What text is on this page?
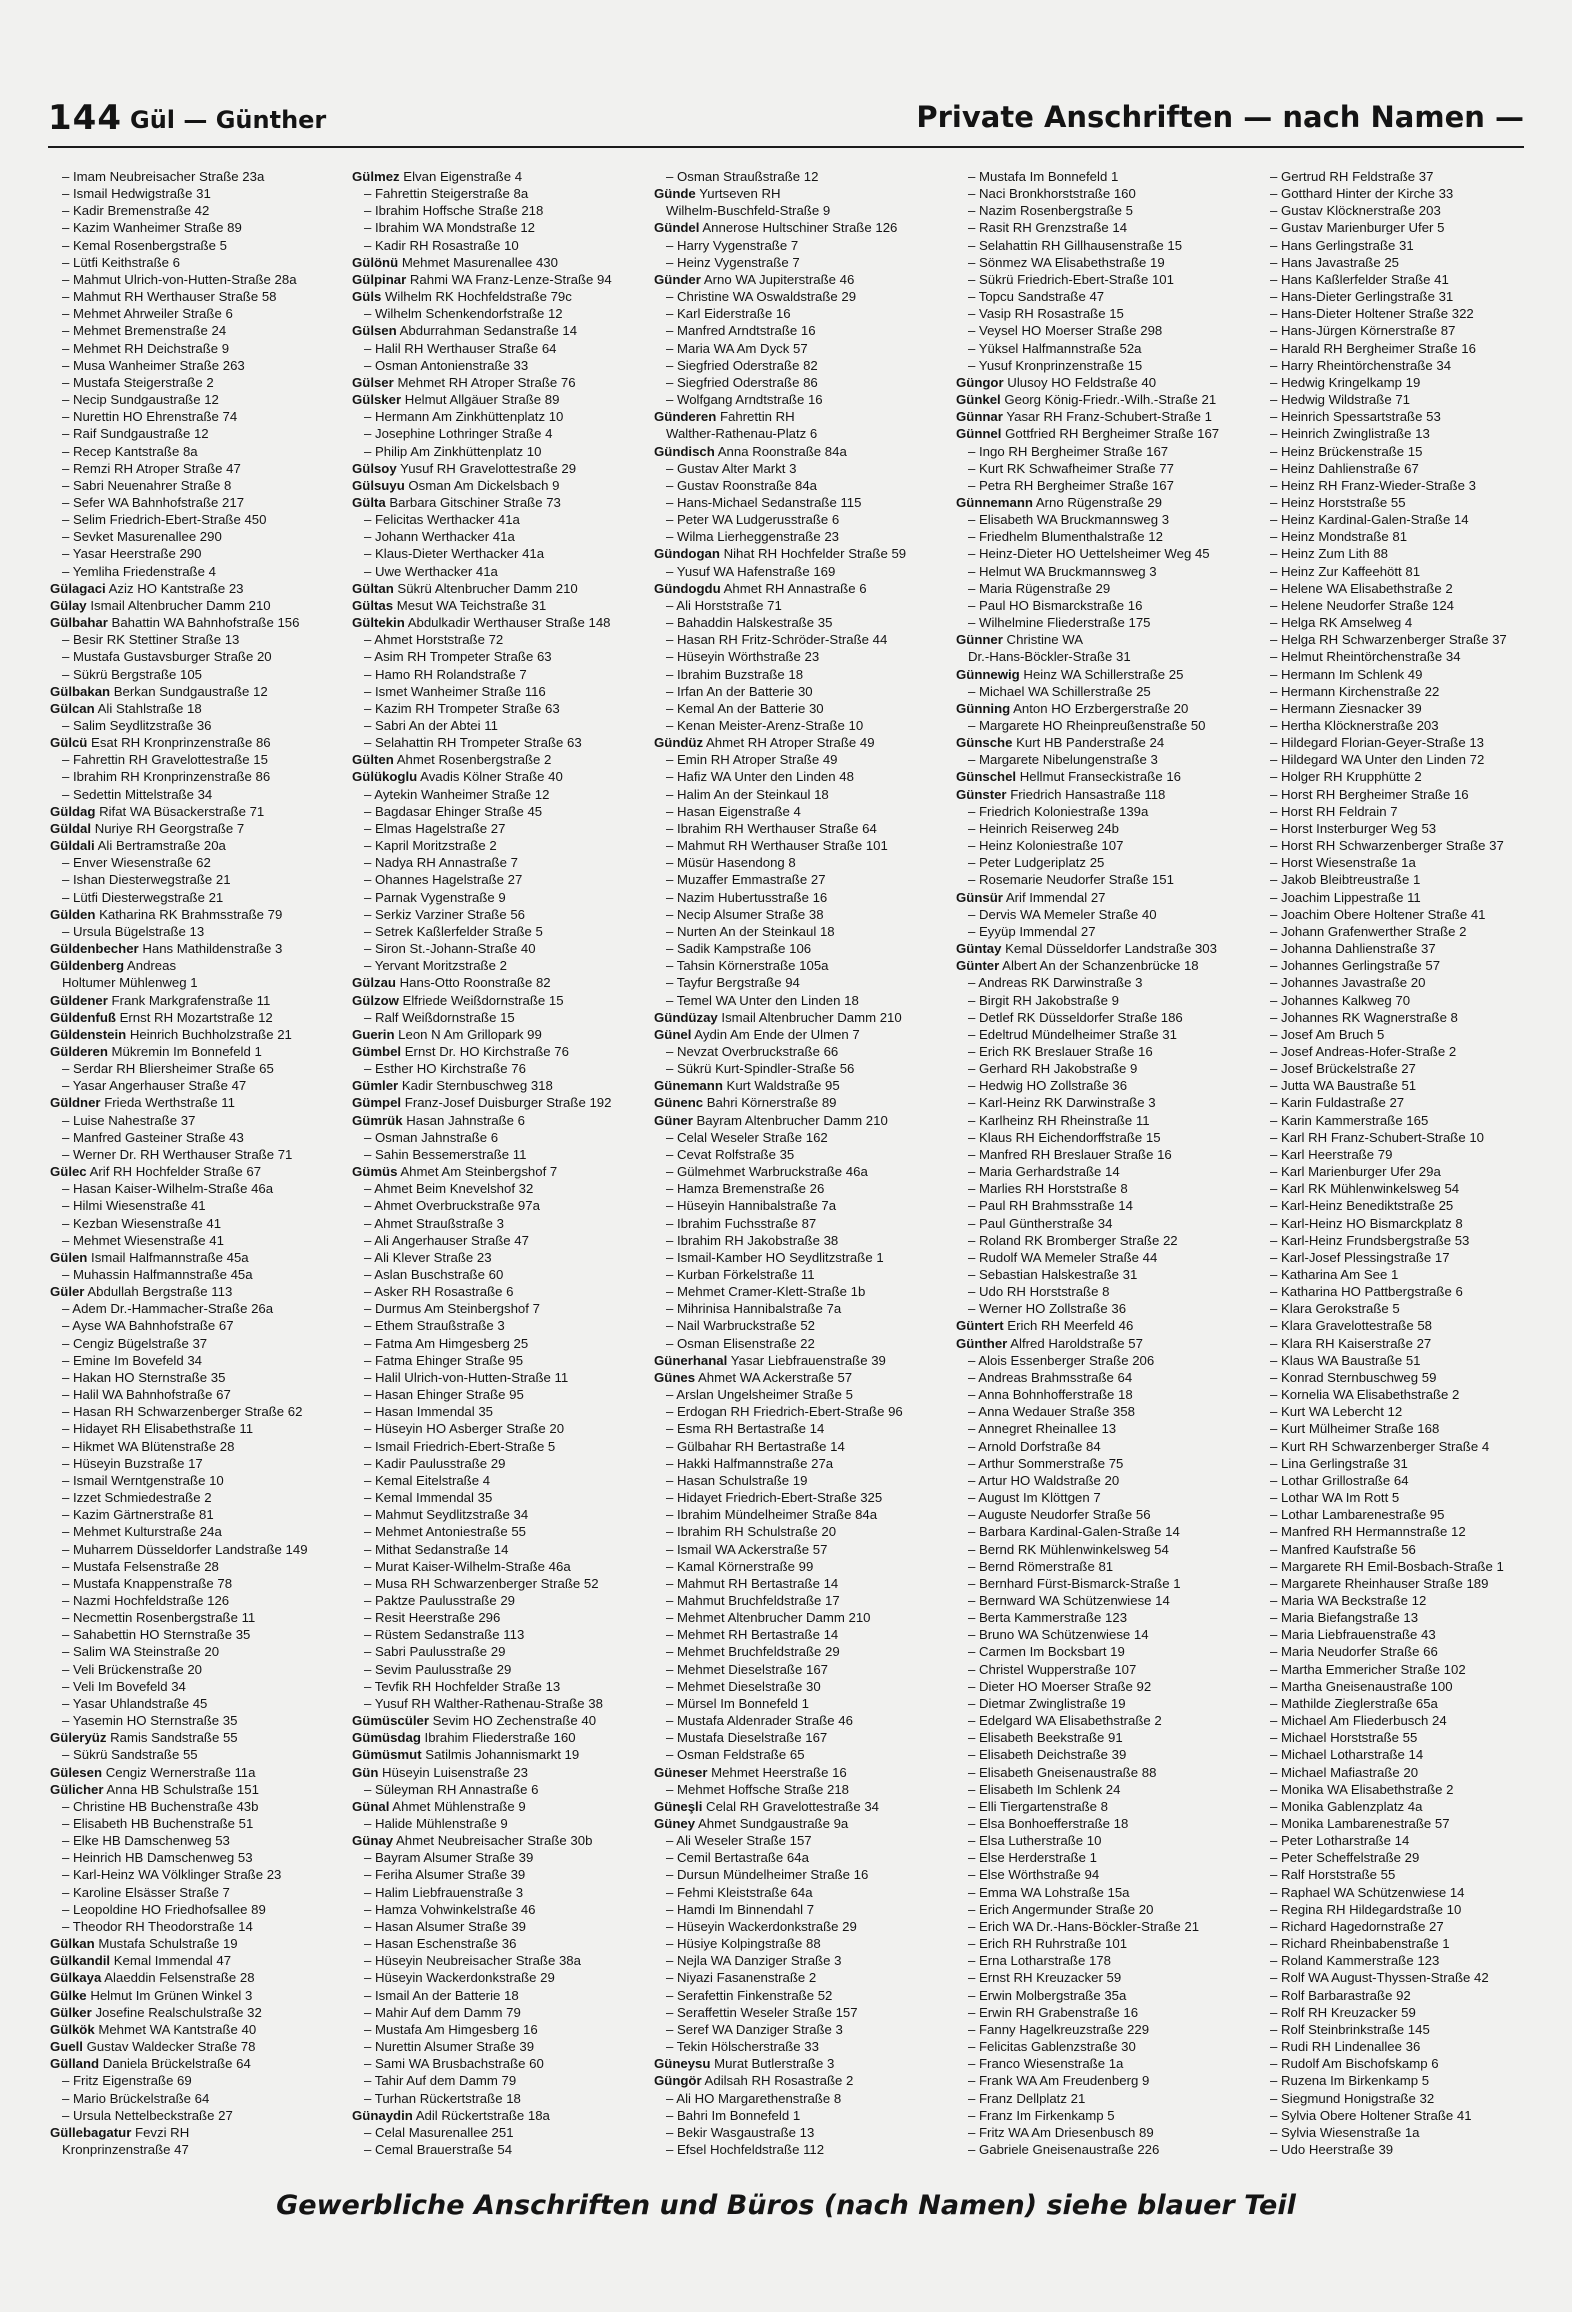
144 Gül — Günther	Private Anschriften — nach Namen —
– Imam Neubreisacher Straße 23a
– Ismail Hedwigstraße 31
– Kadir Bremenstraße 42
– Kazim Wanheimer Straße 89
– Kemal Rosenbergstraße 5
– Lütfi Keithstraße 6
– Mahmut Ulrich-von-Hutten-Straße 28a
– Mahmut RH Werthauser Straße 58
– Mehmet Ahrweiler Straße 6
– Mehmet Bremenstraße 24
– Mehmet RH Deichstraße 9
– Musa Wanheimer Straße 263
– Mustafa Steigerstraße 2
– Necip Sundgaustraße 12
– Nurettin HO Ehrenstraße 74
– Raif Sundgaustraße 12
– Recep Kantstraße 8a
– Remzi RH Atroper Straße 47
– Sabri Neuenahrer Straße 8
– Sefer WA Bahnhofstraße 217
– Selim Friedrich-Ebert-Straße 450
– Sevket Masurenallee 290
– Yasar Heerstraße 290
– Yemliha Friedenstraße 4
Gülagaci Aziz HO Kantstraße 23
Gülay Ismail Altenbrucher Damm 210
Gülbahar Bahattin WA Bahnhofstraße 156
– Besir RK Stettiner Straße 13
– Mustafa Gustavsburger Straße 20
– Sükrü Bergstraße 105
Gülbakan Berkan Sundgaustraße 12
Gülcan Ali Stahlstraße 18
– Salim Seydlitzstraße 36
Gülcü Esat RH Kronprinzenstraße 86
– Fahrettin RH Gravelottestraße 15
– Ibrahim RH Kronprinzenstraße 86
– Sedettin Mittelstraße 34
Güldag Rifat WA Büsackerstraße 71
Güldal Nuriye RH Georgstraße 7
Güldali Ali Bertramstraße 20a
– Enver Wiesenstraße 62
– Ishan Diesterwegstraße 21
– Lütfi Diesterwegstraße 21
Gülden Katharina RK Brahmsstraße 79
– Ursula Bügelstraße 13
Güldenbecher Hans Mathildenstraße 3
Güldenberg Andreas
Holtumer Mühlenweg 1
Güldener Frank Markgrafenstraße 11
Güldenfuß Ernst RH Mozartstraße 12
Güldenstein Heinrich Buchholzstraße 21
Gülderen Mükremin Im Bonnefeld 1
– Serdar RH Bliersheimer Straße 65
– Yasar Angerhauser Straße 47
Güldner Frieda Werthstraße 11
– Luise Nahestraße 37
– Manfred Gasteiner Straße 43
– Werner Dr. RH Werthauser Straße 71
Gülec Arif RH Hochfelder Straße 67
– Hasan Kaiser-Wilhelm-Straße 46a
– Hilmi Wiesenstraße 41
– Kezban Wiesenstraße 41
– Mehmet Wiesenstraße 41
Gülen Ismail Halfmannstraße 45a
– Muhassin Halfmannstraße 45a
Güler Abdullah Bergstraße 113
– Adem Dr.-Hammacher-Straße 26a
– Ayse WA Bahnhofstraße 67
– Cengiz Bügelstraße 37
– Emine Im Bovefeld 34
– Hakan HO Sternstraße 35
– Halil WA Bahnhofstraße 67
– Hasan RH Schwarzenberger Straße 62
– Hidayet RH Elisabethstraße 11
– Hikmet WA Blütenstraße 28
– Hüseyin Buzstraße 17
– Ismail Werntgenstraße 10
– Izzet Schmiedestraße 2
– Kazim Gärtnerstraße 81
– Mehmet Kulturstraße 24a
– Muharrem Düsseldorfer Landstraße 149
– Mustafa Felsenstraße 28
– Mustafa Knappenstraße 78
– Nazmi Hochfeldstraße 126
– Necmettin Rosenbergstraße 11
– Sahabettin HO Sternstraße 35
– Salim WA Steinstraße 20
– Veli Brückenstraße 20
– Veli Im Bovefeld 34
– Yasar Uhlandstraße 45
– Yasemin HO Sternstraße 35
Güleryüz Ramis Sandstraße 55
– Sükrü Sandstraße 55
Gülesen Cengiz Wernerstraße 11a
Gülicher Anna HB Schulstraße 151
– Christine HB Buchenstraße 43b
– Elisabeth HB Buchenstraße 51
– Elke HB Damschenweg 53
– Heinrich HB Damschenweg 53
– Karl-Heinz WA Völklinger Straße 23
– Karoline Elsässer Straße 7
– Leopoldine HO Friedhofsallee 89
– Theodor RH Theodorstraße 14
Gülkan Mustafa Schulstraße 19
Gülkandil Kemal Immendal 47
Gülkaya Alaeddin Felsenstraße 28
Gülke Helmut Im Grünen Winkel 3
Gülker Josefine Realschulstraße 32
Gülkök Mehmet WA Kantstraße 40
Guell Gustav Waldecker Straße 78
Gülland Daniela Brückelstraße 64
– Fritz Eigenstraße 69
– Mario Brückelstraße 64
– Ursula Nettelbeckstraße 27
Güllebagatur Fevzi RH
Kronprinzenstraße 47
Gülmez Elvan Eigenstraße 4
– Fahrettin Steigerstraße 8a
– Ibrahim Hoffsche Straße 218
– Ibrahim WA Mondstraße 12
– Kadir RH Rosastraße 10
Gülönü Mehmet Masurenallee 430
Gülpinar Rahmi WA Franz-Lenze-Straße 94
Güls Wilhelm RK Hochfeldstraße 79c
– Wilhelm Schenkendorfstraße 12
Gülsen Abdurrahman Sedanstraße 14
– Halil RH Werthauser Straße 64
– Osman Antonienstraße 33
Gülser Mehmet RH Atroper Straße 76
Gülsker Helmut Allgäuer Straße 89
– Hermann Am Zinkhüttenplatz 10
– Josephine Lothringer Straße 4
– Philip Am Zinkhüttenplatz 10
Gülsoy Yusuf RH Gravelottestraße 29
Gülsuyu Osman Am Dickelsbach 9
Gülta Barbara Gitschiner Straße 73
– Felicitas Werthacker 41a
– Johann Werthacker 41a
– Klaus-Dieter Werthacker 41a
– Uwe Werthacker 41a
Gültan Sükrü Altenbrucher Damm 210
Gültas Mesut WA Teichstraße 31
Gültekin Abdulkadir Werthauser Straße 148
– Ahmet Horststraße 72
– Asim RH Trompeter Straße 63
– Hamo RH Rolandstraße 7
– Ismet Wanheimer Straße 116
– Kazim RH Trompeter Straße 63
– Sabri An der Abtei 11
– Selahattin RH Trompeter Straße 63
Gülten Ahmet Rosenbergstraße 2
Gülükoglu Avadis Kölner Straße 40
– Aytekin Wanheimer Straße 12
– Bagdasar Ehinger Straße 45
– Elmas Hagelstraße 27
– Kapril Moritzstraße 2
– Nadya RH Annastraße 7
– Ohannes Hagelstraße 27
– Parnak Vygenstraße 9
– Serkiz Varziner Straße 56
– Setrek Kaßlerfelder Straße 5
– Siron St.-Johann-Straße 40
– Yervant Moritzstraße 2
Gülzau Hans-Otto Roonstraße 82
Gülzow Elfriede Weißdornstraße 15
– Ralf Weißdornstraße 15
Guerin Leon N Am Grillopark 99
Gümbel Ernst Dr. HO Kirchstraße 76
– Esther HO Kirchstraße 76
Gümler Kadir Sternbuschweg 318
Gümpel Franz-Josef Duisburger Straße 192
Gümrük Hasan Jahnstraße 6
– Osman Jahnstraße 6
– Sahin Bessemerstraße 11
Gümüs Ahmet Am Steinbergshof 7
– Ahmet Beim Knevelshof 32
– Ahmet Overbruckstraße 97a
– Ahmet Straußstraße 3
– Ali Angerhauser Straße 47
– Ali Klever Straße 23
– Aslan Buschstraße 60
– Asker RH Rosastraße 6
– Durmus Am Steinbergshof 7
– Ethem Straußstraße 3
– Fatma Am Himgesberg 25
– Fatma Ehinger Straße 95
– Halil Ulrich-von-Hutten-Straße 11
– Hasan Ehinger Straße 95
– Hasan Immendal 35
– Hüseyin HO Asberger Straße 20
– Ismail Friedrich-Ebert-Straße 5
– Kadir Paulusstraße 29
– Kemal Eitelstraße 4
– Kemal Immendal 35
– Mahmut Seydlitzstraße 34
– Mehmet Antoniestraße 55
– Mithat Sedanstraße 14
– Murat Kaiser-Wilhelm-Straße 46a
– Musa RH Schwarzenberger Straße 52
– Paktze Paulusstraße 29
– Resit Heerstraße 296
– Rüstem Sedanstraße 113
– Sabri Paulusstraße 29
– Sevim Paulusstraße 29
– Tevfik RH Hochfelder Straße 13
– Yusuf RH Walther-Rathenau-Straße 38
Gümüscüler Sevim HO Zechenstraße 40
Gümüsdag Ibrahim Fliederstraße 160
Gümüsmut Satilmis Johannismarkt 19
Gün Hüseyin Luisenstraße 23
– Süleyman RH Annastraße 6
Günal Ahmet Mühlenstraße 9
– Halide Mühlenstraße 9
Günay Ahmet Neubreisacher Straße 30b
– Bayram Alsumer Straße 39
– Feriha Alsumer Straße 39
– Halim Liebfrauenstraße 3
– Hamza Vohwinkelstraße 46
– Hasan Alsumer Straße 39
– Hasan Eschenstraße 36
– Hüseyin Neubreisacher Straße 38a
– Hüseyin Wackerdonkstraße 29
– Ismail An der Batterie 18
– Mahir Auf dem Damm 79
– Mustafa Am Himgesberg 16
– Nurettin Alsumer Straße 39
– Sami WA Brusbachstraße 60
– Tahir Auf dem Damm 79
– Turhan Rückertstraße 18
Günaydin Adil Rückertstraße 18a
– Celal Masurenallee 251
– Cemal Brauerstraße 54
– Osman Straußstraße 12
Günde Yurtseven RH
Wilhelm-Buschfeld-Straße 9
Gündel Annerose Hultschiner Straße 126
– Harry Vygenstraße 7
– Heinz Vygenstraße 7
Günder Arno WA Jupiterstraße 46
– Christine WA Oswaldstraße 29
– Karl Eiderstraße 16
– Manfred Arndtstraße 16
– Maria WA Am Dyck 57
– Siegfried Oderstraße 82
– Siegfried Oderstraße 86
– Wolfgang Arndtstraße 16
Günderen Fahrettin RH
Walther-Rathenau-Platz 6
Gündisch Anna Roonstraße 84a
– Gustav Alter Markt 3
– Gustav Roonstraße 84a
– Hans-Michael Sedanstraße 115
– Peter WA Ludgerusstraße 6
– Wilma Lierheggenstraße 23
Gündogan Nihat RH Hochfelder Straße 59
– Yusuf WA Hafenstraße 169
Gündogdu Ahmet RH Annastraße 6
– Ali Horststraße 71
– Bahaddin Halskestraße 35
– Hasan RH Fritz-Schröder-Straße 44
– Hüseyin Wörthstraße 23
– Ibrahim Buzstraße 18
– Irfan An der Batterie 30
– Kemal An der Batterie 30
– Kenan Meister-Arenz-Straße 10
Gündüz Ahmet RH Atroper Straße 49
– Emin RH Atroper Straße 49
– Hafiz WA Unter den Linden 48
– Halim An der Steinkaul 18
– Hasan Eigenstraße 4
– Ibrahim RH Werthauser Straße 64
– Mahmut RH Werthauser Straße 101
– Müsür Hasendong 8
– Muzaffer Emmastraße 27
– Nazim Hubertusstraße 16
– Necip Alsumer Straße 38
– Nurten An der Steinkaul 18
– Sadik Kampstraße 106
– Tahsin Körnerstraße 105a
– Tayfur Bergstraße 94
– Temel WA Unter den Linden 18
Gündüzay Ismail Altenbrucher Damm 210
Günel Aydin Am Ende der Ulmen 7
– Nevzat Overbruckstraße 66
– Sükrü Kurt-Spindler-Straße 56
Günemann Kurt Waldstraße 95
Günenc Bahri Körnerstraße 89
Güner Bayram Altenbrucher Damm 210
– Celal Weseler Straße 162
– Cevat Rolfstraße 35
– Gülmehmet Warbruckstraße 46a
– Hamza Bremenstraße 26
– Hüseyin Hannibalstraße 7a
– Ibrahim Fuchsstraße 87
– Ibrahim RH Jakobstraße 38
– Ismail-Kamber HO Seydlitzstraße 1
– Kurban Förkelstraße 11
– Mehmet Cramer-Klett-Straße 1b
– Mihrinisa Hannibalstraße 7a
– Nail Warbruckstraße 52
– Osman Elisenstraße 22
Günerhanal Yasar Liebfrauenstraße 39
Günes Ahmet WA Ackerstraße 57
– Arslan Ungelsheimer Straße 5
– Erdogan RH Friedrich-Ebert-Straße 96
– Esma RH Bertastraße 14
– Gülbahar RH Bertastraße 14
– Hakki Halfmannstraße 27a
– Hasan Schulstraße 19
– Hidayet Friedrich-Ebert-Straße 325
– Ibrahim Mündelheimer Straße 84a
– Ibrahim RH Schulstraße 20
– Ismail WA Ackerstraße 57
– Kamal Körnerstraße 99
– Mahmut RH Bertastraße 14
– Mahmut Bruchfeldstraße 17
– Mehmet Altenbrucher Damm 210
– Mehmet RH Bertastraße 14
– Mehmet Bruchfeldstraße 29
– Mehmet Dieselstraße 167
– Mehmet Dieselstraße 30
– Mürsel Im Bonnefeld 1
– Mustafa Aldenrader Straße 46
– Mustafa Dieselstraße 167
– Osman Feldstraße 65
Güneser Mehmet Heerstraße 16
– Mehmet Hoffsche Straße 218
Güneşli Celal RH Gravelottestraße 34
Güney Ahmet Sundgaustraße 9a
– Ali Weseler Straße 157
– Cemil Bertastraße 64a
– Dursun Mündelheimer Straße 16
– Fehmi Kleiststraße 64a
– Hamdi Im Binnendahl 7
– Hüseyin Wackerdonkstraße 29
– Hüsiye Kolpingstraße 88
– Nejla WA Danziger Straße 3
– Niyazi Fasanenstraße 2
– Serafettin Finkenstraße 52
– Seraffettin Weseler Straße 157
– Seref WA Danziger Straße 3
– Tekin Hölscherstraße 33
Güneysu Murat Butlerstraße 3
Güngör Adilsah RH Rosastraße 2
– Ali HO Margarethenstraße 8
– Bahri Im Bonnefeld 1
– Bekir Wasgaustraße 13
– Efsel Hochfeldstraße 112
– Mustafa Im Bonnefeld 1
– Naci Bronkhorststraße 160
– Nazim Rosenbergstraße 5
– Rasit RH Grenzstraße 14
– Selahattin RH Gillhausenstraße 15
– Sönmez WA Elisabethstraße 19
– Sükrü Friedrich-Ebert-Straße 101
– Topcu Sandstraße 47
– Vasip RH Rosastraße 15
– Veysel HO Moerser Straße 298
– Yüksel Halfmannstraße 52a
– Yusuf Kronprinzenstraße 15
Güngor Ulusoy HO Feldstraße 40
Günkel Georg König-Friedr.-Wilh.-Straße 21
Günnar Yasar RH Franz-Schubert-Straße 1
Günnel Gottfried RH Bergheimer Straße 167
– Ingo RH Bergheimer Straße 167
– Kurt RK Schwafheimer Straße 77
– Petra RH Bergheimer Straße 167
Günnemann Arno Rügenstraße 29
– Elisabeth WA Bruckmannsweg 3
– Friedhelm Blumenthalstraße 12
– Heinz-Dieter HO Uettelsheimer Weg 45
– Helmut WA Bruckmannsweg 3
– Maria Rügenstraße 29
– Paul HO Bismarckstraße 16
– Wilhelmine Fliederstraße 175
Günner Christine WA
Dr.-Hans-Böckler-Straße 31
Günnewig Heinz WA Schillerstraße 25
– Michael WA Schillerstraße 25
Günning Anton HO Erzbergerstraße 20
– Margarete HO Rheinpreußenstraße 50
Günsche Kurt HB Panderstraße 24
– Margarete Nibelungenstraße 3
Günschel Hellmut Franseckistraße 16
Günster Friedrich Hansastraße 118
– Friedrich Koloniestraße 139a
– Heinrich Reiserweg 24b
– Heinz Koloniestraße 107
– Peter Ludgeriplatz 25
– Rosemarie Neudorfer Straße 151
Günsür Arif Immendal 27
– Dervis WA Memeler Straße 40
– Eyyüp Immendal 27
Güntay Kemal Düsseldorfer Landstraße 303
Günter Albert An der Schanzenbrücke 18
– Andreas RK Darwinstraße 3
– Birgit RH Jakobstraße 9
– Detlef RK Düsseldorfer Straße 186
– Edeltrud Mündelheimer Straße 31
– Erich RK Breslauer Straße 16
– Gerhard RH Jakobstraße 9
– Hedwig HO Zollstraße 36
– Karl-Heinz RK Darwinstraße 3
– Karlheinz RH Rheinstraße 11
– Klaus RH Eichendorffstraße 15
– Manfred RH Breslauer Straße 16
– Maria Gerhardstraße 14
– Marlies RH Horststraße 8
– Paul RH Brahmsstraße 14
– Paul Güntherstraße 34
– Roland RK Bromberger Straße 22
– Rudolf WA Memeler Straße 44
– Sebastian Halskestraße 31
– Udo RH Horststraße 8
– Werner HO Zollstraße 36
Güntert Erich RH Meerfeld 46
Günther Alfred Haroldstraße 57
– Alois Essenberger Straße 206
– Andreas Brahmsstraße 64
– Anna Bohnhofferstraße 18
– Anna Wedauer Straße 358
– Annegret Rheinallee 13
– Arnold Dorfstraße 84
– Arthur Sommerstraße 75
– Artur HO Waldstraße 20
– August Im Klöttgen 7
– Auguste Neudorfer Straße 56
– Barbara Kardinal-Galen-Straße 14
– Bernd RK Mühlenwinkelsweg 54
– Bernd Römerstraße 81
– Bernhard Fürst-Bismarck-Straße 1
– Bernward WA Schützenwiese 14
– Berta Kammerstraße 123
– Bruno WA Schützenwiese 14
– Carmen Im Bocksbart 19
– Christel Wupperstraße 107
– Dieter HO Moerser Straße 92
– Dietmar Zwinglistraße 19
– Edelgard WA Elisabethstraße 2
– Elisabeth Beekstraße 91
– Elisabeth Deichstraße 39
– Elisabeth Gneisenaustraße 88
– Elisabeth Im Schlenk 24
– Elli Tiergartenstraße 8
– Elsa Bonhoefferstraße 18
– Elsa Lutherstraße 10
– Else Herderstraße 1
– Else Wörthstraße 94
– Emma WA Lohstraße 15a
– Erich Angermunder Straße 20
– Erich WA Dr.-Hans-Böckler-Straße 21
– Erich RH Ruhrstraße 101
– Erna Lotharstraße 178
– Ernst RH Kreuzacker 59
– Erwin Molbergstraße 35a
– Erwin RH Grabenstraße 16
– Fanny Hagelkreuzstraße 229
– Felicitas Gablenzstraße 30
– Franco Wiesenstraße 1a
– Frank WA Am Freudenberg 9
– Franz Dellplatz 21
– Franz Im Firkenkamp 5
– Fritz WA Am Driesenbusch 89
– Gabriele Gneisenaustraße 226
– Gertrud RH Feldstraße 37
– Gotthard Hinter der Kirche 33
– Gustav Klöcknerstraße 203
– Gustav Marienburger Ufer 5
– Hans Gerlingstraße 31
– Hans Javastraße 25
– Hans Kaßlerfelder Straße 41
– Hans-Dieter Gerlingstraße 31
– Hans-Dieter Holtener Straße 322
– Hans-Jürgen Körnerstraße 87
– Harald RH Bergheimer Straße 16
– Harry Rheintörchenstraße 34
– Hedwig Kringelkamp 19
– Hedwig Wildstraße 71
– Heinrich Spessartstraße 53
– Heinrich Zwinglistraße 13
– Heinz Brückenstraße 15
– Heinz Dahlienstraße 67
– Heinz RH Franz-Wieder-Straße 3
– Heinz Horststraße 55
– Heinz Kardinal-Galen-Straße 14
– Heinz Mondstraße 81
– Heinz Zum Lith 88
– Heinz Zur Kaffeehött 81
– Helene WA Elisabethstraße 2
– Helene Neudorfer Straße 124
– Helga RK Amselweg 4
– Helga RH Schwarzenberger Straße 37
– Helmut Rheintörchenstraße 34
– Hermann Im Schlenk 49
– Hermann Kirchenstraße 22
– Hermann Ziesnacker 39
– Hertha Klöcknerstraße 203
– Hildegard Florian-Geyer-Straße 13
– Hildegard WA Unter den Linden 72
– Holger RH Krupphütte 2
– Horst RH Bergheimer Straße 16
– Horst RH Feldrain 7
– Horst Insterburger Weg 53
– Horst RH Schwarzenberger Straße 37
– Horst Wiesenstraße 1a
– Jakob Bleibtreustraße 1
– Joachim Lippestraße 11
– Joachim Obere Holtener Straße 41
– Johann Grafenwerther Straße 2
– Johanna Dahlienstraße 37
– Johannes Gerlingstraße 57
– Johannes Javastraße 20
– Johannes Kalkweg 70
– Johannes RK Wagnerstraße 8
– Josef Am Bruch 5
– Josef Andreas-Hofer-Straße 2
– Josef Brückelstraße 27
– Jutta WA Baustraße 51
– Karin Fuldastraße 27
– Karin Kammerstraße 165
– Karl RH Franz-Schubert-Straße 10
– Karl Heerstraße 79
– Karl Marienburger Ufer 29a
– Karl RK Mühlenwinkelsweg 54
– Karl-Heinz Benediktstraße 25
– Karl-Heinz HO Bismarckplatz 8
– Karl-Heinz Frundsbergstraße 53
– Karl-Josef Plessingstraße 17
– Katharina Am See 1
– Katharina HO Pattbergstraße 6
– Klara Gerokstraße 5
– Klara Gravelottestraße 58
– Klara RH Kaiserstraße 27
– Klaus WA Baustraße 51
– Konrad Sternbuschweg 59
– Kornelia WA Elisabethstraße 2
– Kurt WA Lebercht 12
– Kurt Mülheimer Straße 168
– Kurt RH Schwarzenberger Straße 4
– Lina Gerlingstraße 31
– Lothar Grillostraße 64
– Lothar WA Im Rott 5
– Lothar Lambarenestraße 95
– Manfred RH Hermannstraße 12
– Manfred Kaufstraße 56
– Margarete RH Emil-Bosbach-Straße 1
– Margarete Rheinhauser Straße 189
– Maria WA Beckstraße 12
– Maria Biefangstraße 13
– Maria Liebfrauenstraße 43
– Maria Neudorfer Straße 66
– Martha Emmericher Straße 102
– Martha Gneisenaustraße 100
– Mathilde Zieglerstraße 65a
– Michael Am Fliederbusch 24
– Michael Horststraße 55
– Michael Lotharstraße 14
– Michael Mafiastraße 20
– Monika WA Elisabethstraße 2
– Monika Gablenzplatz 4a
– Monika Lambarenestraße 57
– Peter Lotharstraße 14
– Peter Scheffelstraße 29
– Ralf Horststraße 55
– Raphael WA Schützenwiese 14
– Regina RH Hildegardstraße 10
– Richard Hagedornstraße 27
– Richard Rheinbabenstraße 1
– Roland Kammerstraße 123
– Rolf WA August-Thyssen-Straße 42
– Rolf Barbarastraße 92
– Rolf RH Kreuzacker 59
– Rolf Steinbrinkstraße 145
– Rudi RH Lindenallee 36
– Rudolf Am Bischofskamp 6
– Ruzena Im Birkenkamp 5
– Siegmund Honigstraße 32
– Sylvia Obere Holtener Straße 41
– Sylvia Wiesenstraße 1a
– Udo Heerstraße 39
Gewerbliche Anschriften und Büros (nach Namen) siehe blauer Teil
